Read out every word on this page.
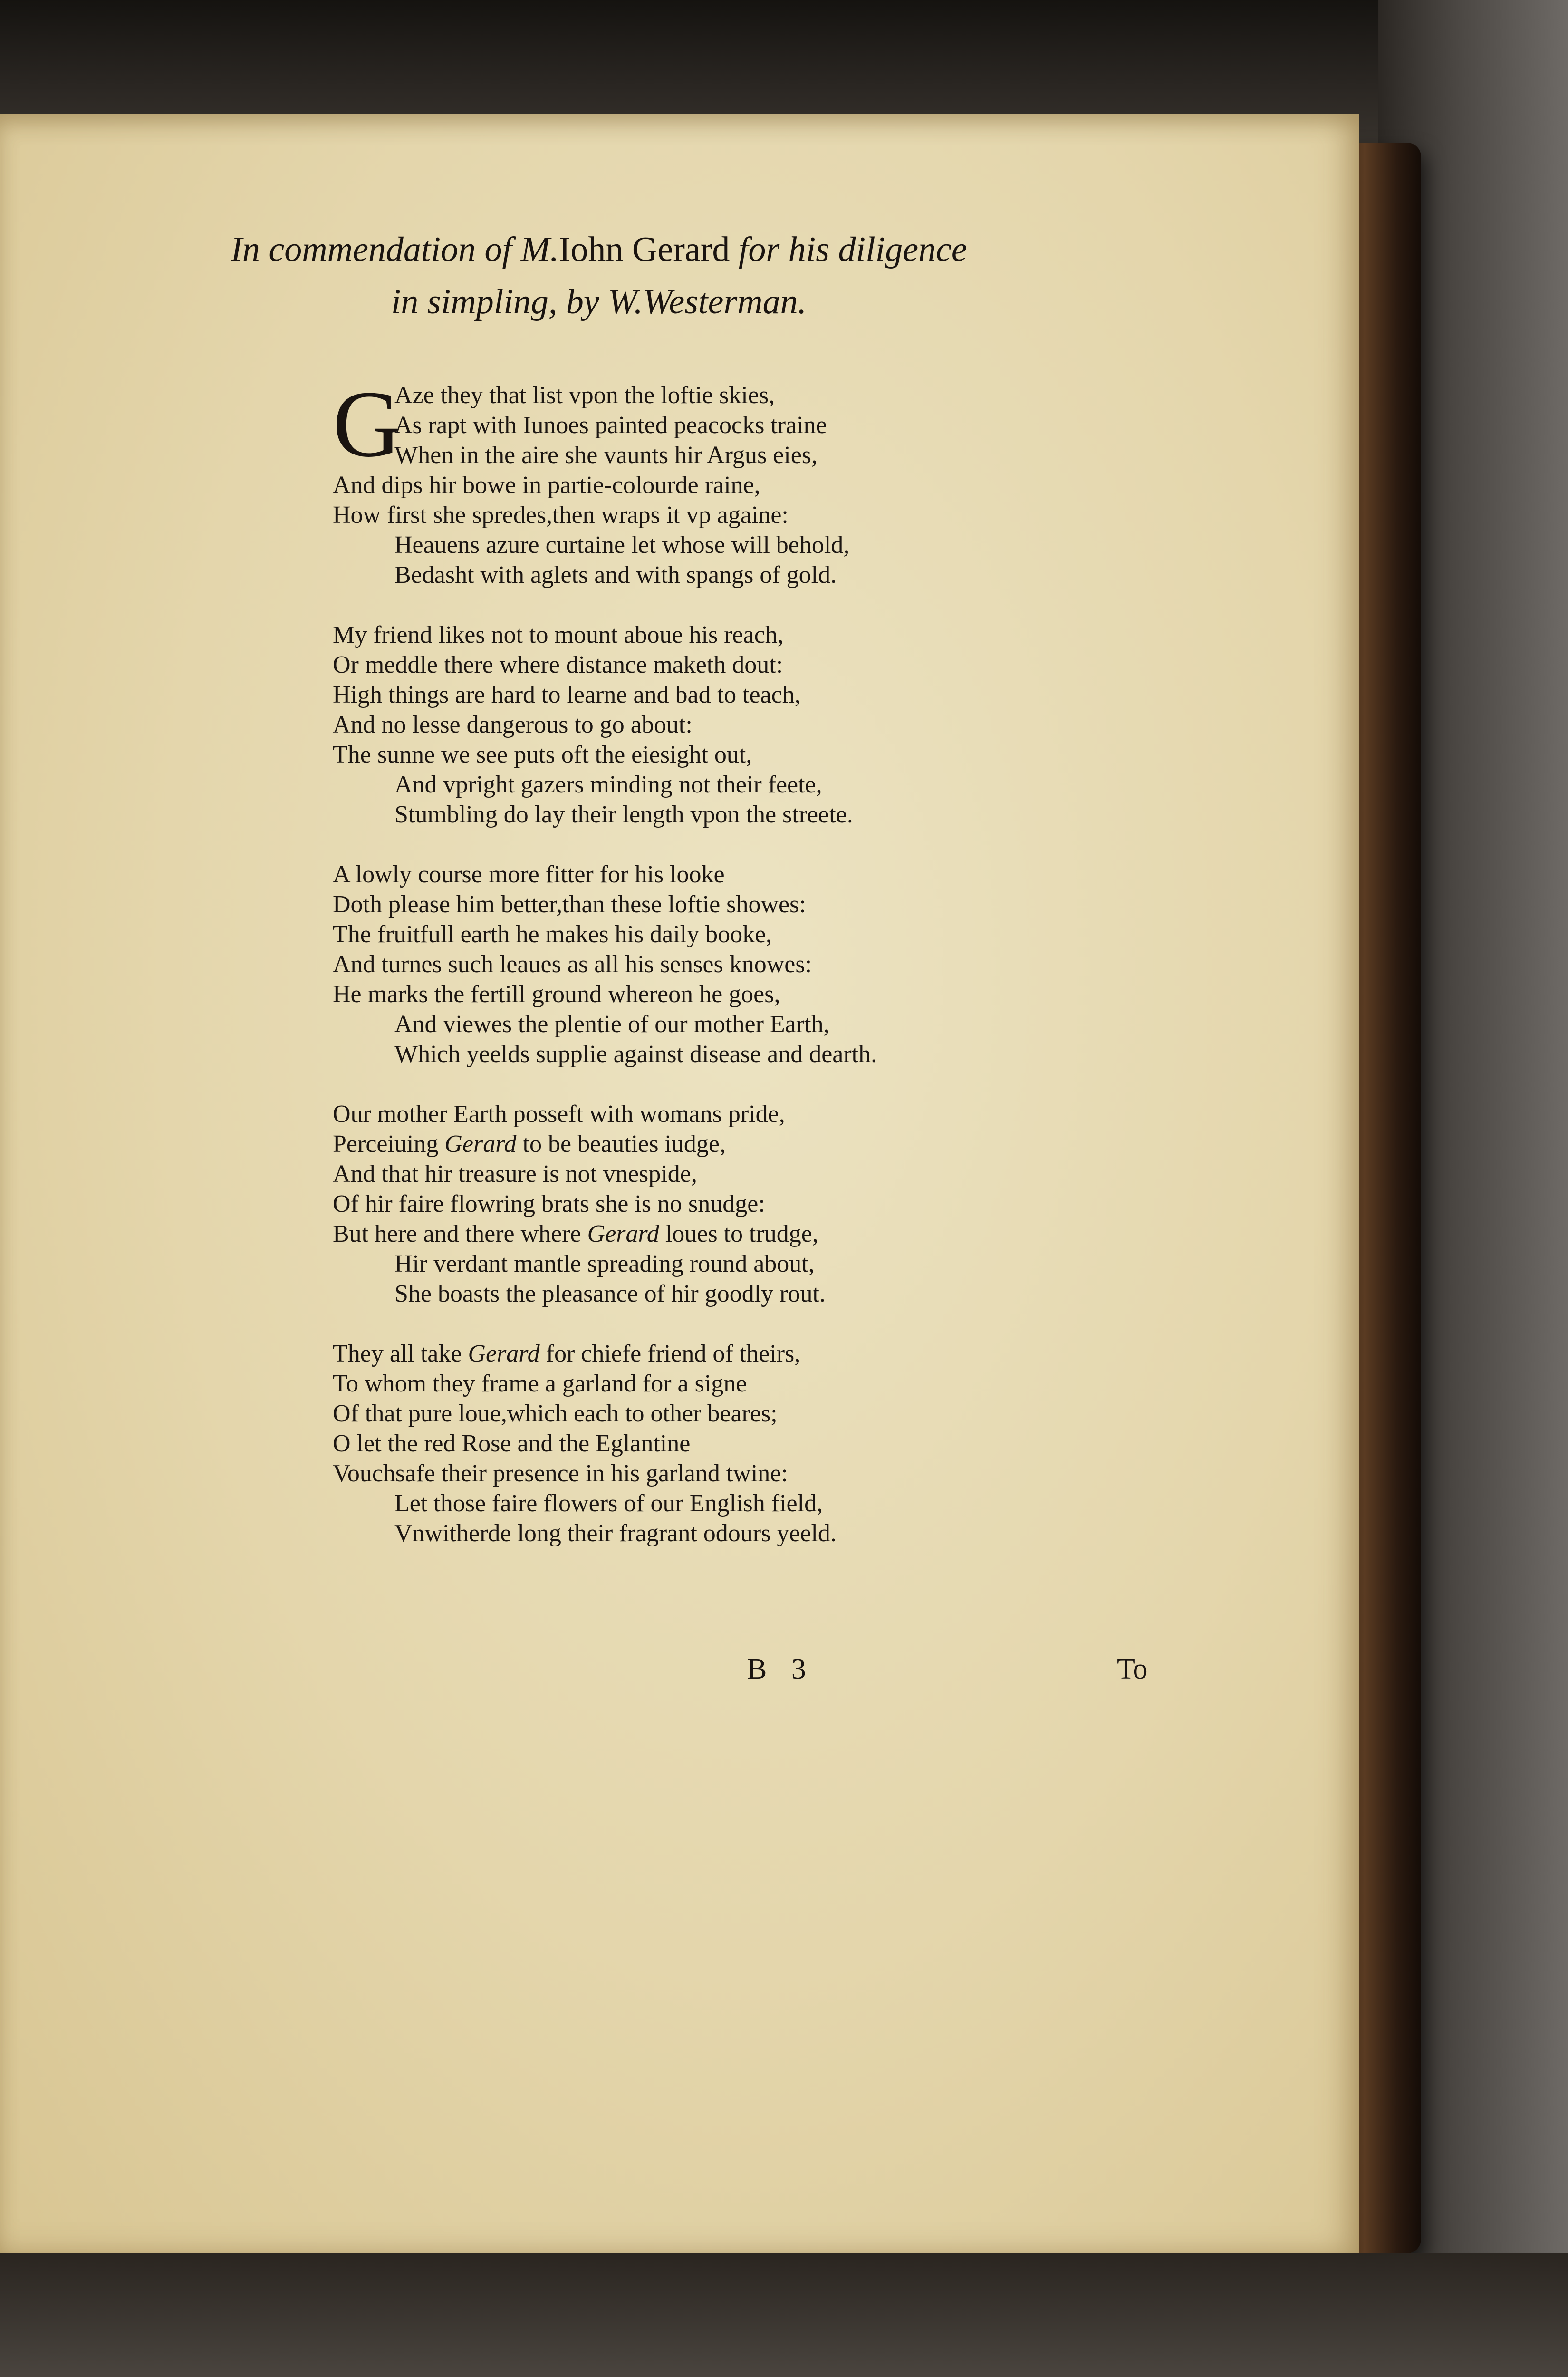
In commendation of M.Iohn Gerard for his diligence
in simpling, by W.Westerman.
G
Aze they that list vpon the loftie skies,
As rapt with Iunoes painted peacocks traine
When in the aire she vaunts hir Argus eies,
And dips hir bowe in partie-colourde raine,
How first she spredes,then wraps it vp againe:
Heauens azure curtaine let whose will behold,
Bedasht with aglets and with spangs of gold.
My friend likes not to mount aboue his reach,
Or meddle there where distance maketh dout:
High things are hard to learne and bad to teach,
And no lesse dangerous to go about:
The sunne we see puts oft the eiesight out,
And vpright gazers minding not their feete,
Stumbling do lay their length vpon the streete.
A lowly course more fitter for his looke
Doth please him better,than these loftie showes:
The fruitfull earth he makes his daily booke,
And turnes such leaues as all his senses knowes:
He marks the fertill ground whereon he goes,
And viewes the plentie of our mother Earth,
Which yeelds supplie against disease and dearth.
Our mother Earth posseft with womans pride,
Perceiuing Gerard to be beauties iudge,
And that hir treasure is not vnespide,
Of hir faire flowring brats she is no snudge:
But here and there where Gerard loues to trudge,
Hir verdant mantle spreading round about,
She boasts the pleasance of hir goodly rout.
They all take Gerard for chiefe friend of theirs,
To whom they frame a garland for a signe
Of that pure loue,which each to other beares;
O let the red Rose and the Eglantine
Vouchsafe their presence in his garland twine:
Let those faire flowers of our English field,
Vnwitherde long their fragrant odours yeeld.
B 3	To
